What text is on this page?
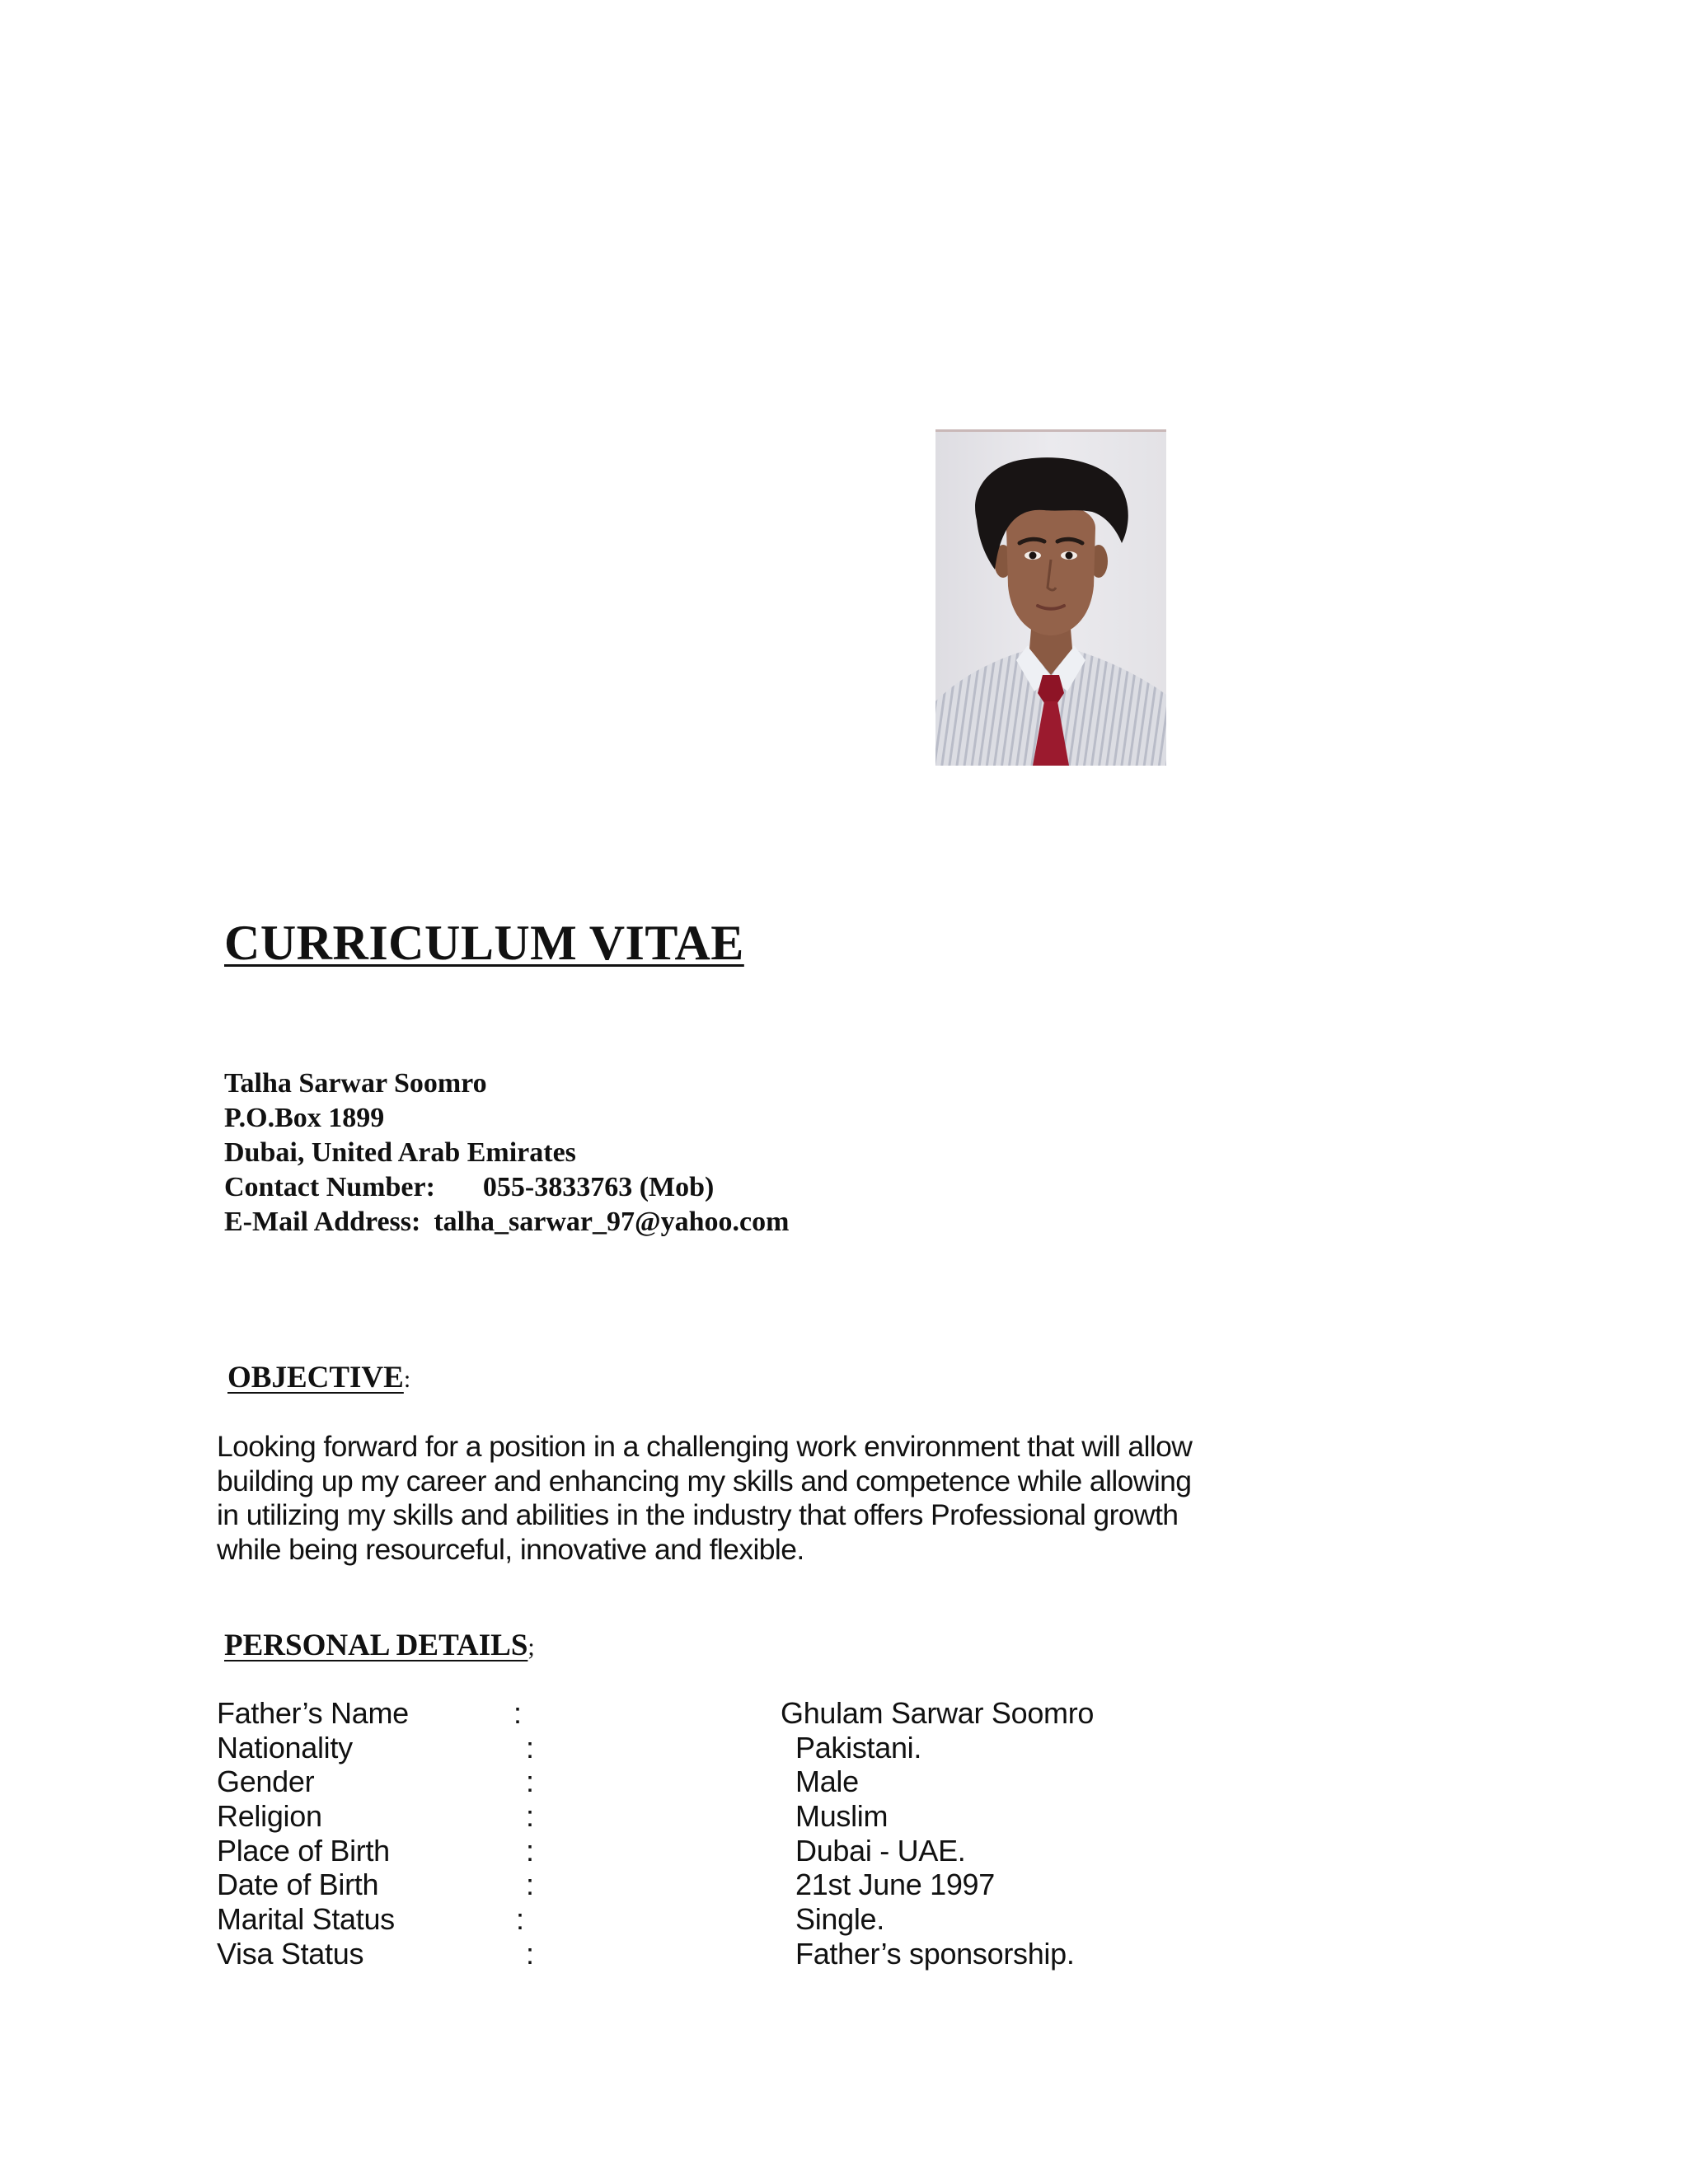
CURRICULUM VITAE
Talha Sarwar Soomro
P.O.Box 1899
Dubai, United Arab Emirates
Contact Number: 055-3833763 (Mob)
E-Mail Address: talha_sarwar_97@yahoo.com
OBJECTIVE:

Looking forward for a position in a challenging work environment that will allow
building up my career and enhancing my skills and competence while allowing
in utilizing my skills and abilities in the industry that offers Professional growth
while being resourceful, innovative and flexible.

PERSONAL DETAILS;
Father’s Name	:	Ghulam Sarwar Soomro
Nationality	:	Pakistani.
Gender	:	Male
Religion	:	Muslim
Place of Birth	:	Dubai - UAE.
Date of Birth	:	21st June 1997
Marital Status	:	Single.
Visa Status	:	Father’s sponsorship.
